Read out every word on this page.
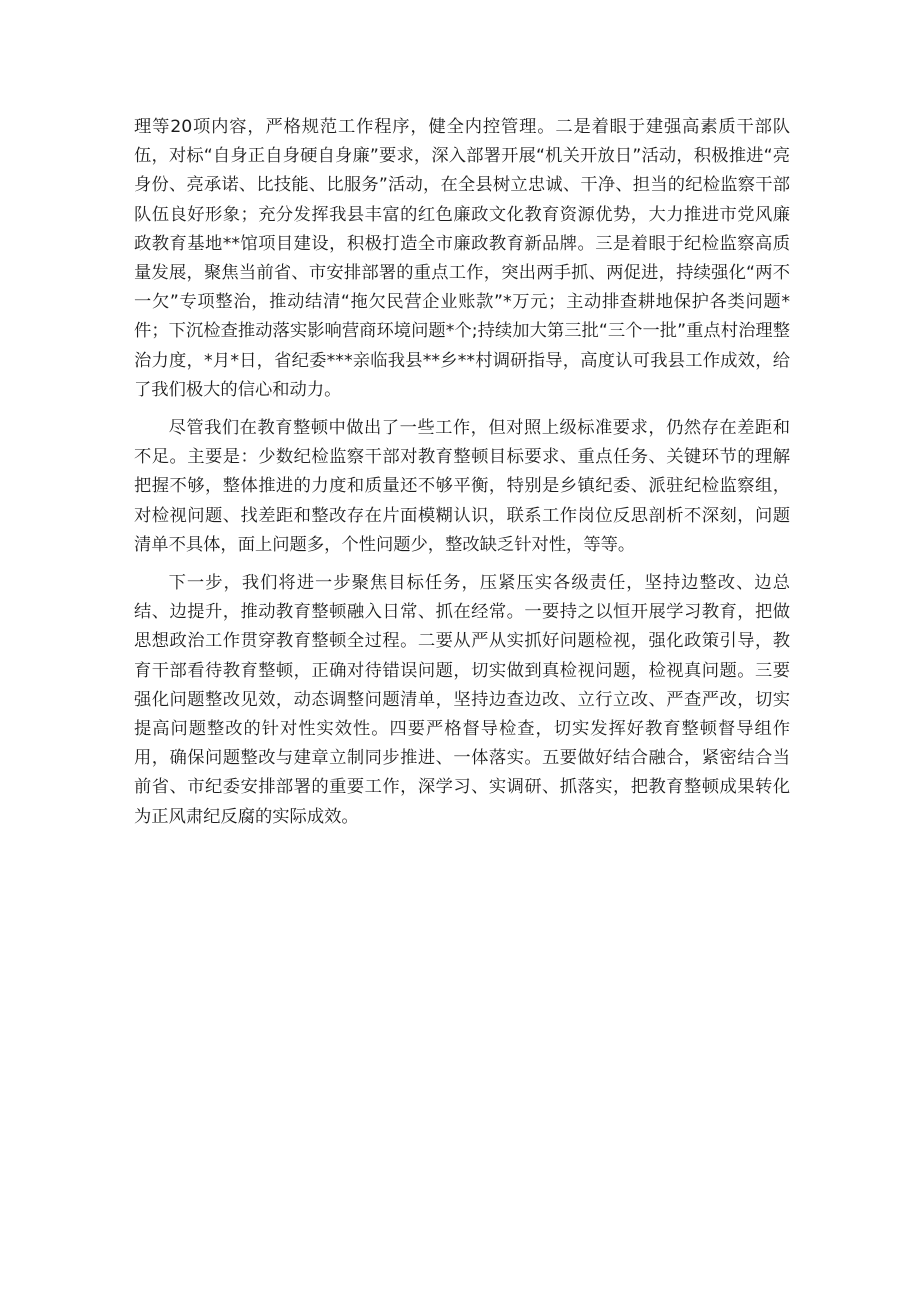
理等20项内容，严格规范工作程序，健全内控管理。二是着眼于建强高素质干部队伍，对标“自身正自身硬自身廉”要求，深入部署开展“机关开放日”活动，积极推进“亮身份、亮承诺、比技能、比服务”活动，在全县树立忠诚、干净、担当的纪检监察干部队伍良好形象；充分发挥我县丰富的红色廉政文化教育资源优势，大力推进市党风廉政教育基地**馆项目建设，积极打造全市廉政教育新品牌。三是着眼于纪检监察高质量发展，聚焦当前省、市安排部署的重点工作，突出两手抓、两促进，持续强化“两不一欠”专项整治，推动结清“拖欠民营企业账款”*万元；主动排查耕地保护各类问题*件；下沉检查推动落实影响营商环境问题*个;持续加大第三批“三个一批”重点村治理整治力度，*月*日，省纪委***亲临我县**乡**村调研指导，高度认可我县工作成效，给了我们极大的信心和动力。

尽管我们在教育整顿中做出了一些工作，但对照上级标准要求，仍然存在差距和不足。主要是：少数纪检监察干部对教育整顿目标要求、重点任务、关键环节的理解把握不够，整体推进的力度和质量还不够平衡，特别是乡镇纪委、派驻纪检监察组，对检视问题、找差距和整改存在片面模糊认识，联系工作岗位反思剖析不深刻，问题清单不具体，面上问题多，个性问题少，整改缺乏针对性，等等。

下一步，我们将进一步聚焦目标任务，压紧压实各级责任，坚持边整改、边总结、边提升，推动教育整顿融入日常、抓在经常。一要持之以恒开展学习教育，把做思想政治工作贯穿教育整顿全过程。二要从严从实抓好问题检视，强化政策引导，教育干部看待教育整顿，正确对待错误问题，切实做到真检视问题，检视真问题。三要强化问题整改见效，动态调整问题清单，坚持边查边改、立行立改、严查严改，切实提高问题整改的针对性实效性。四要严格督导检查，切实发挥好教育整顿督导组作用，确保问题整改与建章立制同步推进、一体落实。五要做好结合融合，紧密结合当前省、市纪委安排部署的重要工作，深学习、实调研、抓落实，把教育整顿成果转化为正风肃纪反腐的实际成效。
